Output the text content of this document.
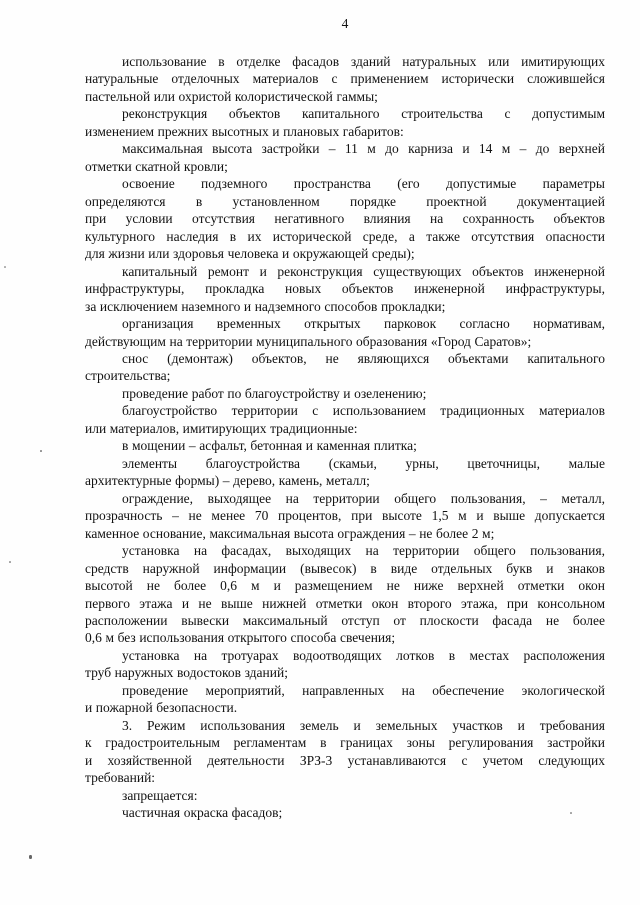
4
использование в отделке фасадов зданий натуральных или имитирующих
натуральные отделочных материалов с применением исторически сложившейся
пастельной или охристой колористической гаммы;
реконструкция объектов капитального строительства с допустимым
изменением прежних высотных и плановых габаритов:
максимальная высота застройки – 11 м до карниза и 14 м – до верхней
отметки скатной кровли;
освоение подземного пространства (его допустимые параметры
определяются в установленном порядке проектной документацией
при условии отсутствия негативного влияния на сохранность объектов
культурного наследия в их исторической среде, а также отсутствия опасности
для жизни или здоровья человека и окружающей среды);
капитальный ремонт и реконструкция существующих объектов инженерной
инфраструктуры, прокладка новых объектов инженерной инфраструктуры,
за исключением наземного и надземного способов прокладки;
организация временных открытых парковок согласно нормативам,
действующим на территории муниципального образования «Город Саратов»;
снос (демонтаж) объектов, не являющихся объектами капитального
строительства;
проведение работ по благоустройству и озеленению;
благоустройство территории с использованием традиционных материалов
или материалов, имитирующих традиционные:
в мощении – асфальт, бетонная и каменная плитка;
элементы благоустройства (скамьи, урны, цветочницы, малые
архитектурные формы) – дерево, камень, металл;
ограждение, выходящее на территории общего пользования, – металл,
прозрачность – не менее 70 процентов, при высоте 1,5 м и выше допускается
каменное основание, максимальная высота ограждения – не более 2 м;
установка на фасадах, выходящих на территории общего пользования,
средств наружной информации (вывесок) в виде отдельных букв и знаков
высотой не более 0,6 м и размещением не ниже верхней отметки окон
первого этажа и не выше нижней отметки окон второго этажа, при консольном
расположении вывески максимальный отступ от плоскости фасада не более
0,6 м без использования открытого способа свечения;
установка на тротуарах водоотводящих лотков в местах расположения
труб наружных водостоков зданий;
проведение мероприятий, направленных на обеспечение экологической
и пожарной безопасности.
3. Режим использования земель и земельных участков и требования
к градостроительным регламентам в границах зоны регулирования застройки
и хозяйственной деятельности ЗРЗ-3 устанавливаются с учетом следующих
требований:
запрещается:
частичная окраска фасадов;
